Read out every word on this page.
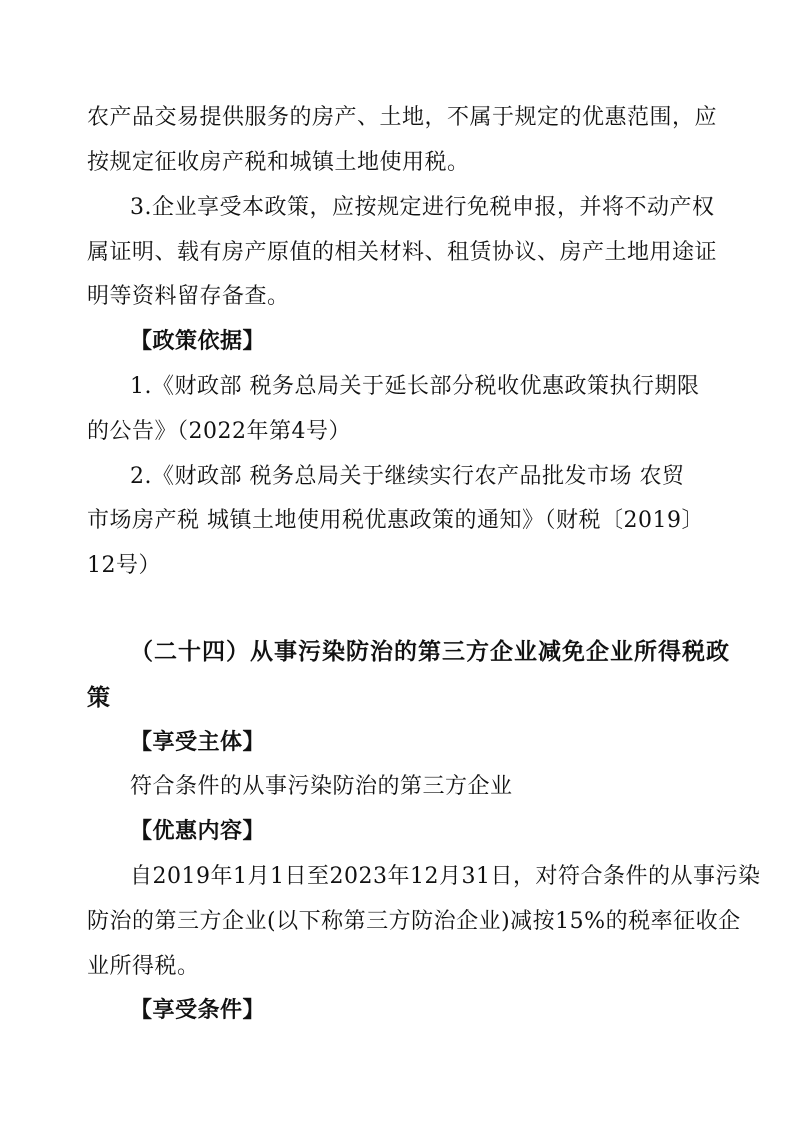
农产品交易提供服务的房产、土地，不属于规定的优惠范围，应
按规定征收房产税和城镇土地使用税。
3.企业享受本政策，应按规定进行免税申报，并将不动产权
属证明、载有房产原值的相关材料、租赁协议、房产土地用途证
明等资料留存备查。
【政策依据】
1.《财政部 税务总局关于延长部分税收优惠政策执行期限
的公告》（2022年第4号）
2.《财政部 税务总局关于继续实行农产品批发市场 农贸
市场房产税 城镇土地使用税优惠政策的通知》（财税〔2019〕
12号）
（二十四）从事污染防治的第三方企业减免企业所得税政
策
【享受主体】
符合条件的从事污染防治的第三方企业
【优惠内容】
自2019年1月1日至2023年12月31日，对符合条件的从事污染
防治的第三方企业(以下称第三方防治企业)减按15%的税率征收企
业所得税。
【享受条件】
